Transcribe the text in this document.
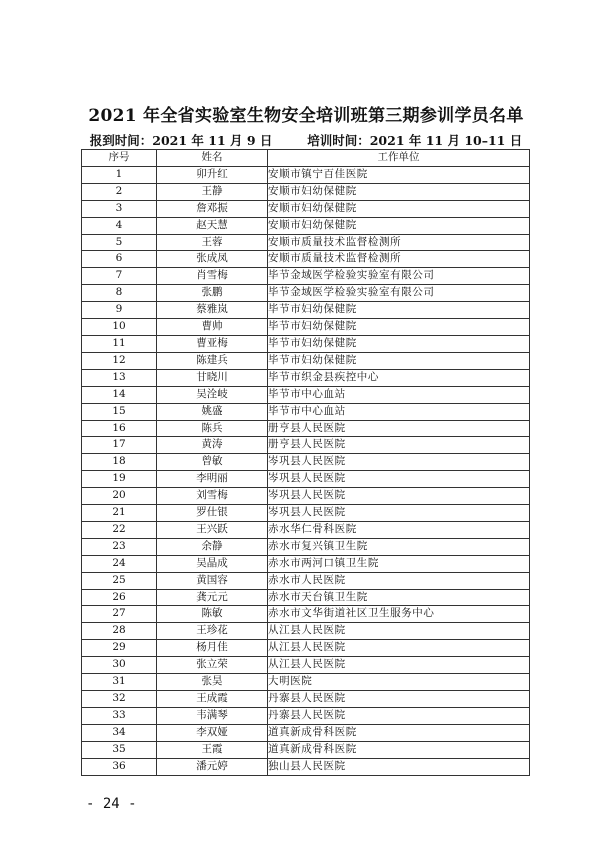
2021 年全省实验室生物安全培训班第三期参训学员名单
报到时间：2021 年 11 月 9 日	培训时间：2021 年 11 月 10–11 日
序号	姓名	工作单位
1	卯升红	安顺市镇宁百佳医院
2	王静	安顺市妇幼保健院
3	詹邓振	安顺市妇幼保健院
4	赵天慧	安顺市妇幼保健院
5	王蓉	安顺市质量技术监督检测所
6	张成凤	安顺市质量技术监督检测所
7	肖雪梅	毕节金域医学检验实验室有限公司
8	张鹏	毕节金域医学检验实验室有限公司
9	蔡雅岚	毕节市妇幼保健院
10	曹帅	毕节市妇幼保健院
11	曹亚梅	毕节市妇幼保健院
12	陈建兵	毕节市妇幼保健院
13	甘晓川	毕节市织金县疾控中心
14	吴洤岐	毕节市中心血站
15	姚盛	毕节市中心血站
16	陈兵	册亨县人民医院
17	黄涛	册亨县人民医院
18	曾敏	岑巩县人民医院
19	李明丽	岑巩县人民医院
20	刘雪梅	岑巩县人民医院
21	罗仕银	岑巩县人民医院
22	王兴跃	赤水华仁骨科医院
23	余静	赤水市复兴镇卫生院
24	吴晶成	赤水市两河口镇卫生院
25	黄国容	赤水市人民医院
26	龚元元	赤水市天台镇卫生院
27	陈敏	赤水市文华街道社区卫生服务中心
28	王珍花	从江县人民医院
29	杨月佳	从江县人民医院
30	张立荣	从江县人民医院
31	张昊	大明医院
32	王成霞	丹寨县人民医院
33	韦满琴	丹寨县人民医院
34	李双娅	道真新成骨科医院
35	王霞	道真新成骨科医院
36	潘元婷	独山县人民医院
- 24 -
